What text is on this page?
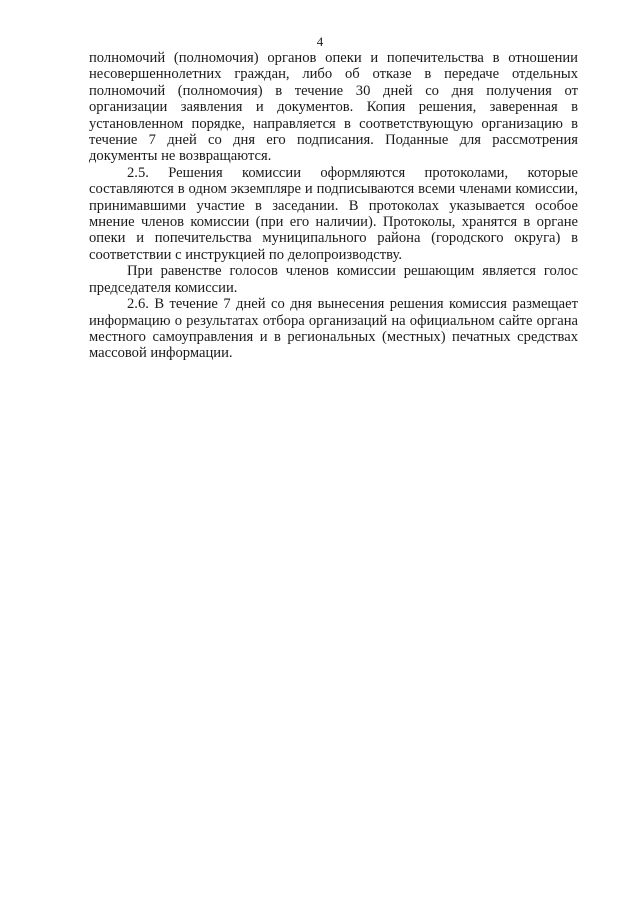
4

полномочий (полномочия) органов опеки и попечительства в отношении несовершеннолетних граждан, либо об отказе в передаче отдельных полномочий (полномочия) в течение 30 дней со дня получения от организации заявления и документов. Копия решения, заверенная в установленном порядке, направляется в соответствующую организацию в течение 7 дней со дня его подписания. Поданные для рассмотрения документы не возвращаются.

2.5. Решения комиссии оформляются протоколами, которые составляются в одном экземпляре и подписываются всеми членами комиссии, принимавшими участие в заседании. В протоколах указывается особое мнение членов комиссии (при его наличии). Протоколы, хранятся в органе опеки и попечительства муниципального района (городского округа) в соответствии с инструкцией по делопроизводству.

При равенстве голосов членов комиссии решающим является голос председателя комиссии.

2.6. В течение 7 дней со дня вынесения решения комиссия размещает информацию о результатах отбора организаций на официальном сайте органа местного самоуправления и в региональных (местных) печатных средствах массовой информации.
